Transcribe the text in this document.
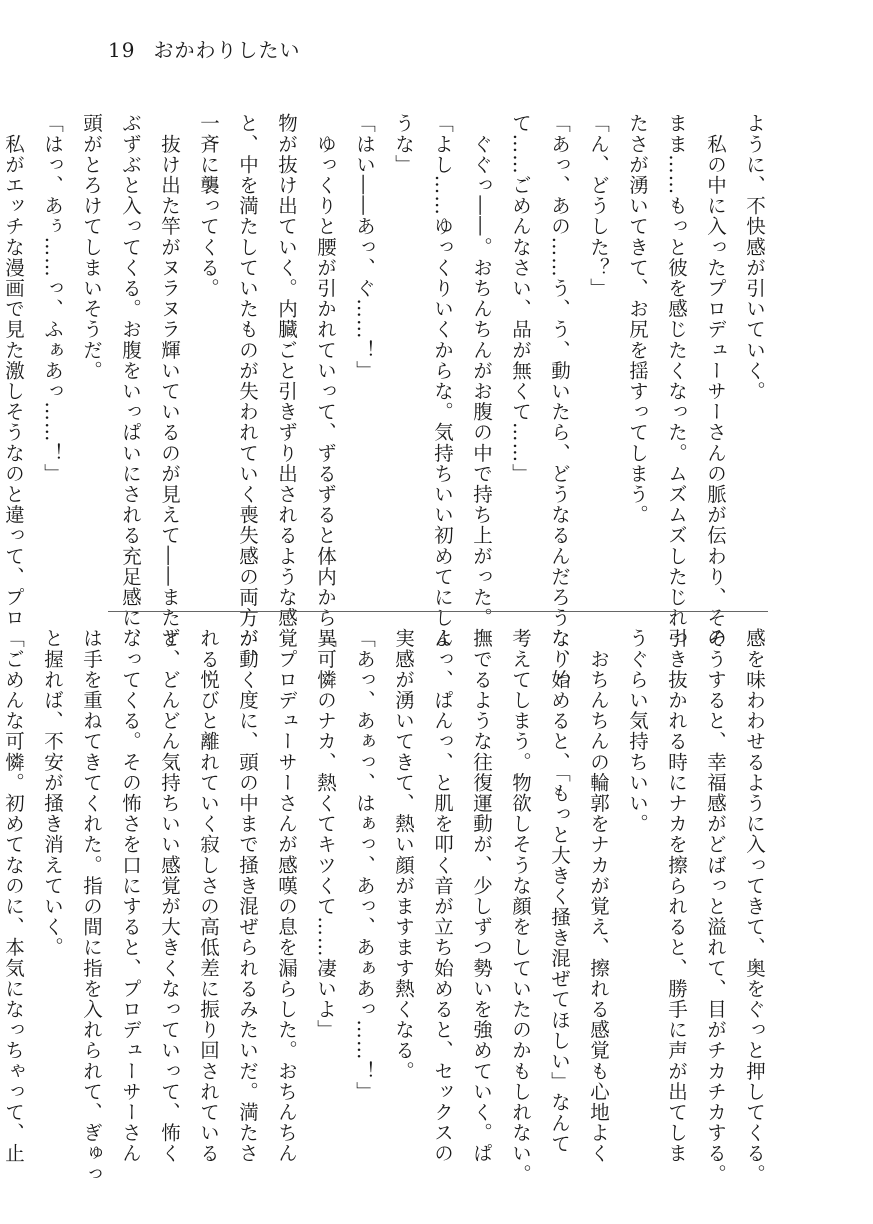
19 おかわりしたい
ように、不快感が引いていく。
　私の中に入ったプロデューサーさんの脈が伝わり、その
まま……もっと彼を感じたくなった。ムズムズしたじれっ
たさが湧いてきて、お尻を揺すってしまう。
「ん、どうした？」
「あっ、あの……う、う、動いたら、どうなるんだろうな、っ
て……ごめんなさい、品が無くて……」
　ぐぐっ――。おちんちんがお腹の中で持ち上がった。
「よし……ゆっくりいくからな。気持ちいい初めてにしよ
うな」
「はい――あっ、ぐ……！」
　ゆっくりと腰が引かれていって、ずるずると体内から異
物が抜け出ていく。内臓ごと引きずり出されるような感覚
と、中を満たしていたものが失われていく喪失感の両方が、
一斉に襲ってくる。
　抜け出た竿がヌラヌラ輝いているのが見えて――またず
ぶずぶと入ってくる。お腹をいっぱいにされる充足感に、
頭がとろけてしまいそうだ。
「はっ、あぅ……っ、ふぁあっ……！」
　私がエッチな漫画で見た激しそうなのと違って、プロ
感を味わわせるように入ってきて、奥をぐっと押してくる。
そうすると、幸福感がどばっと溢れて、目がチカチカする。
引き抜かれる時にナカを擦られると、勝手に声が出てしま
うぐらい気持ちいい。
　おちんちんの輪郭をナカが覚え、擦れる感覚も心地よく
なり始めると、「もっと大きく掻き混ぜてほしい」なんて
考えてしまう。物欲しそうな顔をしていたのかもしれない。
撫でるような往復運動が、少しずつ勢いを強めていく。ぱ
んっ、ぱんっ、と肌を叩く音が立ち始めると、セックスの
実感が湧いてきて、熱い顔がますます熱くなる。
「あっ、あぁっ、はぁっ、あっ、あぁあっ……！」
「可憐のナカ、熱くてキツくて……凄いよ」
　プロデューサーさんが感嘆の息を漏らした。おちんちん
が動く度に、頭の中まで掻き混ぜられるみたいだ。満たさ
れる悦びと離れていく寂しさの高低差に振り回されている
と、どんどん気持ちいい感覚が大きくなっていって、怖く
なってくる。その怖さを口にすると、プロデューサーさん
は手を重ねてきてくれた。指の間に指を入れられて、ぎゅっ
と握れば、不安が掻き消えていく。
「ごめんな可憐。初めてなのに、本気になっちゃって、止
